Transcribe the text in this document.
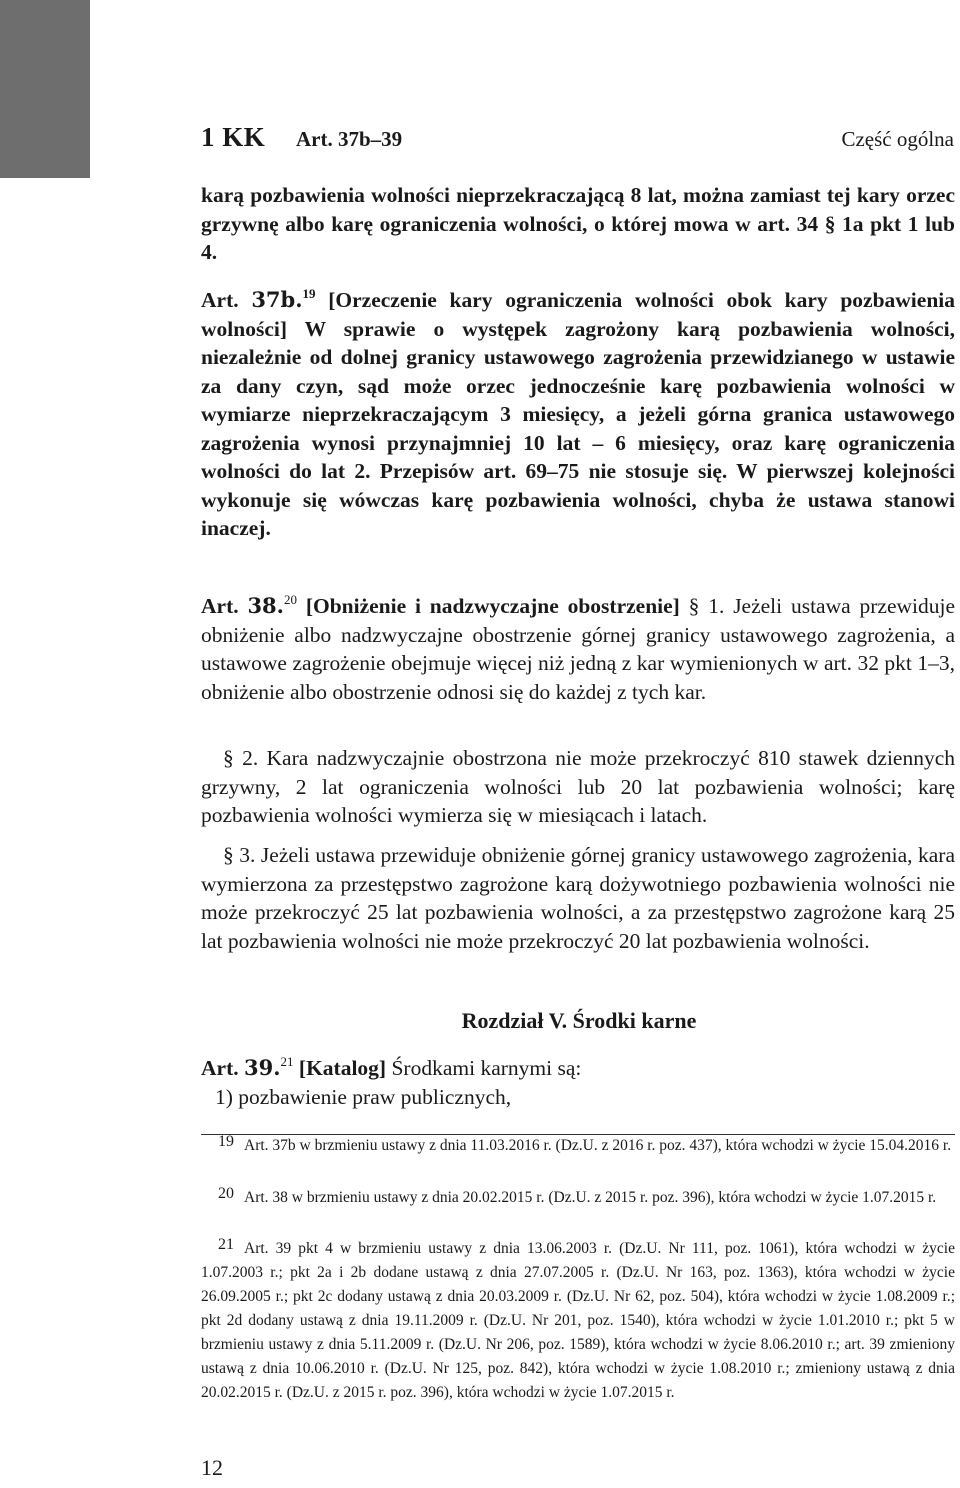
1 KK Art. 37b–39	Część ogólna

karą pozbawienia wolności nieprzekraczającą 8 lat, można zamiast tej kary orzec grzywnę albo karę ograniczenia wolności, o której mowa w art. 34 § 1a pkt 1 lub 4.

Art. 37b.$^{19}$ [Orzeczenie kary ograniczenia wolności obok kary pozbawienia wolności] W sprawie o występek zagrożony karą pozbawienia wolności, niezależnie od dolnej granicy ustawowego zagrożenia przewidzianego w ustawie za dany czyn, sąd może orzec jednocześnie karę pozbawienia wolności w wymiarze nieprzekraczającym 3 miesięcy, a jeżeli górna granica ustawowego zagrożenia wynosi przynajmniej 10 lat – 6 miesięcy, oraz karę ograniczenia wolności do lat 2. Przepisów art. 69–75 nie stosuje się. W pierwszej kolejności wykonuje się wówczas karę pozbawienia wolności, chyba że ustawa stanowi inaczej.

Art. 38.20 [Obniżenie i nadzwyczajne obostrzenie] § 1. Jeżeli ustawa przewiduje obniżenie albo nadzwyczajne obostrzenie górnej granicy ustawowego zagrożenia, a ustawowe zagrożenie obejmuje więcej niż jedną z kar wymienionych w art. 32 pkt 1–3, obniżenie albo obostrzenie odnosi się do każdej z tych kar.

§ 2. Kara nadzwyczajnie obostrzona nie może przekroczyć 810 stawek dziennych grzywny, 2 lat ograniczenia wolności lub 20 lat pozbawienia wolności; karę pozbawienia wolności wymierza się w miesiącach i latach.

§ 3. Jeżeli ustawa przewiduje obniżenie górnej granicy ustawowego zagrożenia, kara wymierzona za przestępstwo zagrożone karą dożywotniego pozbawienia wolności nie może przekroczyć 25 lat pozbawienia wolności, a za przestępstwo zagrożone karą 25 lat pozbawienia wolności nie może przekroczyć 20 lat pozbawienia wolności.

Rozdział V. Środki karne

Art. 39.21 [Katalog] Środkami karnymi są:

1) pozbawienie praw publicznych,

19 Art. 37b w brzmieniu ustawy z dnia 11.03.2016 r. (Dz.U. z 2016 r. poz. 437), która wchodzi w życie 15.04.2016 r.

20 Art. 38 w brzmieniu ustawy z dnia 20.02.2015 r. (Dz.U. z 2015 r. poz. 396), która wchodzi w życie 1.07.2015 r.

21 Art. 39 pkt 4 w brzmieniu ustawy z dnia 13.06.2003 r. (Dz.U. Nr 111, poz. 1061), która wchodzi w życie 1.07.2003 r.; pkt 2a i 2b dodane ustawą z dnia 27.07.2005 r. (Dz.U. Nr 163, poz. 1363), która wchodzi w życie 26.09.2005 r.; pkt 2c dodany ustawą z dnia 20.03.2009 r. (Dz.U. Nr 62, poz. 504), która wchodzi w życie 1.08.2009 r.; pkt 2d dodany ustawą z dnia 19.11.2009 r. (Dz.U. Nr 201, poz. 1540), która wchodzi w życie 1.01.2010 r.; pkt 5 w brzmieniu ustawy z dnia 5.11.2009 r. (Dz.U. Nr 206, poz. 1589), która wchodzi w życie 8.06.2010 r.; art. 39 zmieniony ustawą z dnia 10.06.2010 r. (Dz.U. Nr 125, poz. 842), która wchodzi w życie 1.08.2010 r.; zmieniony ustawą z dnia 20.02.2015 r. (Dz.U. z 2015 r. poz. 396), która wchodzi w życie 1.07.2015 r.

12
